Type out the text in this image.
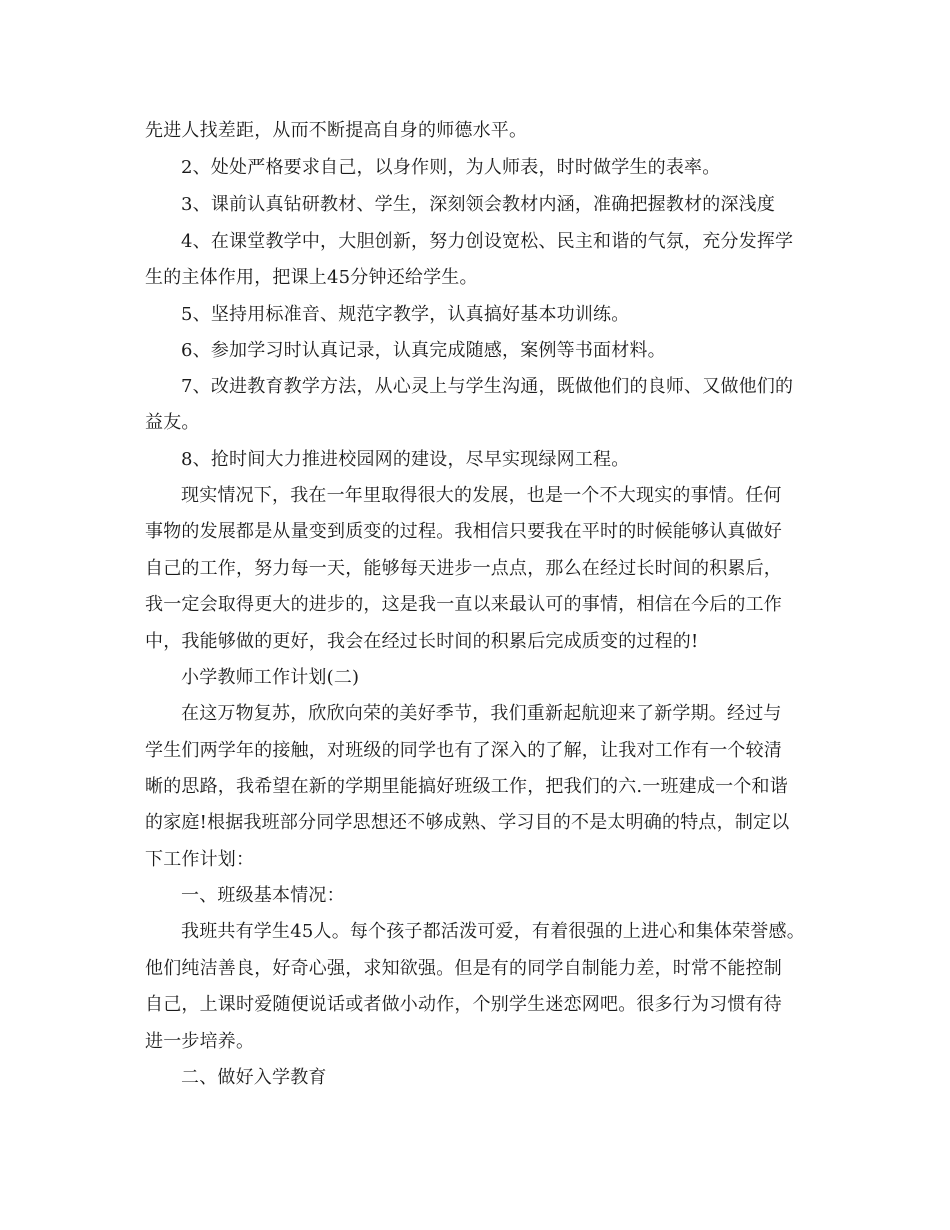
先进人找差距，从而不断提高自身的师德水平。
2、处处严格要求自己，以身作则，为人师表，时时做学生的表率。
3、课前认真钻研教材、学生，深刻领会教材内涵，准确把握教材的深浅度
4、在课堂教学中，大胆创新，努力创设宽松、民主和谐的气氛，充分发挥学
生的主体作用，把课上45分钟还给学生。
5、坚持用标准音、规范字教学，认真搞好基本功训练。
6、参加学习时认真记录，认真完成随感，案例等书面材料。
7、改进教育教学方法，从心灵上与学生沟通，既做他们的良师、又做他们的
益友。
8、抢时间大力推进校园网的建设，尽早实现绿网工程。
现实情况下，我在一年里取得很大的发展，也是一个不大现实的事情。任何
事物的发展都是从量变到质变的过程。我相信只要我在平时的时候能够认真做好
自己的工作，努力每一天，能够每天进步一点点，那么在经过长时间的积累后，
我一定会取得更大的进步的，这是我一直以来最认可的事情，相信在今后的工作
中，我能够做的更好，我会在经过长时间的积累后完成质变的过程的!
小学教师工作计划(二)
在这万物复苏，欣欣向荣的美好季节，我们重新起航迎来了新学期。经过与
学生们两学年的接触，对班级的同学也有了深入的了解，让我对工作有一个较清
晰的思路，我希望在新的学期里能搞好班级工作，把我们的六.一班建成一个和谐
的家庭!根据我班部分同学思想还不够成熟、学习目的不是太明确的特点，制定以
下工作计划：
一、班级基本情况：
我班共有学生45人。每个孩子都活泼可爱，有着很强的上进心和集体荣誉感。
他们纯洁善良，好奇心强，求知欲强。但是有的同学自制能力差，时常不能控制
自己，上课时爱随便说话或者做小动作，个别学生迷恋网吧。很多行为习惯有待
进一步培养。
二、做好入学教育
